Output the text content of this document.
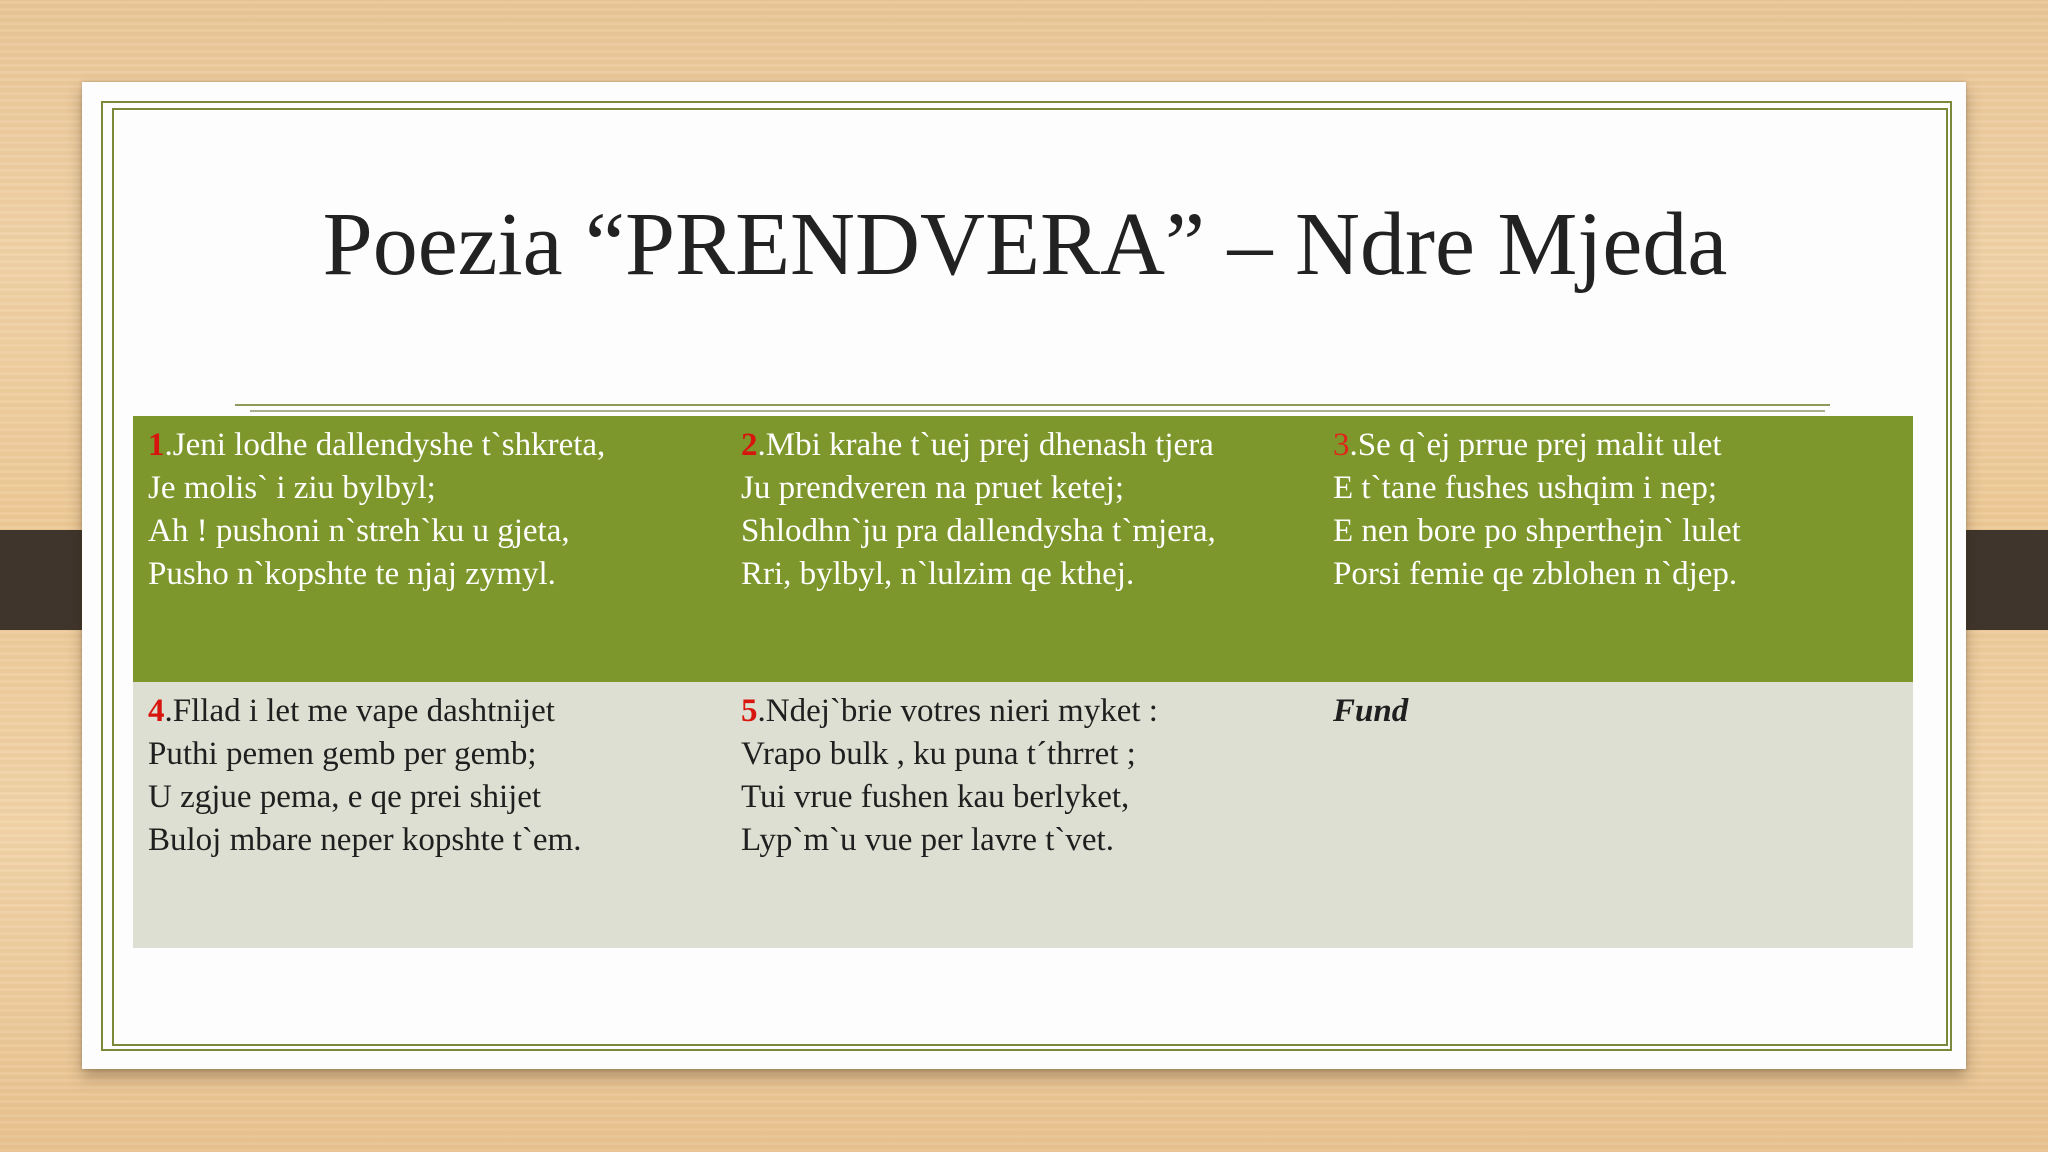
Poezia “PRENDVERA” – Ndre Mjeda
1.Jeni lodhe dallendyshe t`shkreta,
Je molis` i ziu bylbyl;
Ah ! pushoni n`streh`ku u gjeta,
Pusho n`kopshte te njaj zymyl.
2.Mbi krahe t`uej prej dhenash tjera
Ju prendveren na pruet ketej;
Shlodhn`ju pra dallendysha t`mjera,
Rri, bylbyl, n`lulzim qe kthej.
3.Se q`ej prrue prej malit ulet
E t`tane fushes ushqim i nep;
E nen bore po shperthejn` lulet
Porsi femie qe zblohen n`djep.
4.Fllad i let me vape dashtnijet
Puthi pemen gemb per gemb;
U zgjue pema, e qe prei shijet
Buloj mbare neper kopshte t`em.
5.Ndej`brie votres nieri myket :
Vrapo bulk , ku puna t´thrret ;
Tui vrue fushen kau berlyket,
Lyp`m`u vue per lavre t`vet.
Fund
